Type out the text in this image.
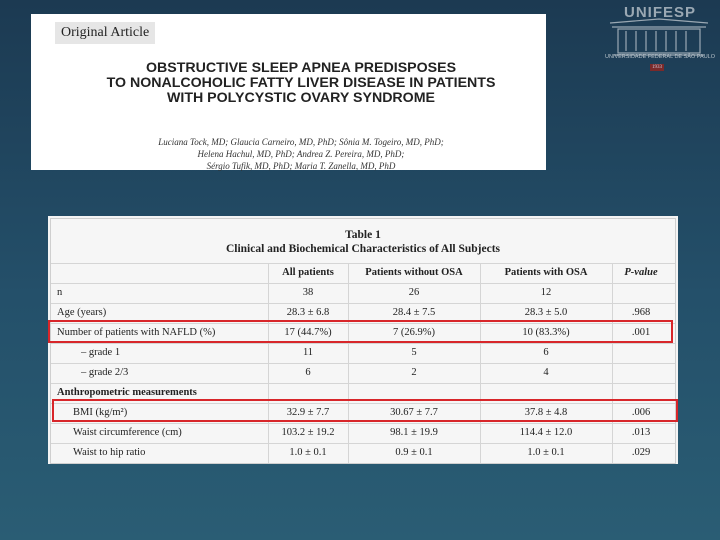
Original Article
OBSTRUCTIVE SLEEP APNEA PREDISPOSES
TO NONALCOHOLIC FATTY LIVER DISEASE IN PATIENTS
WITH POLYCYSTIC OVARY SYNDROME
Luciana Tock, MD; Glaucia Carneiro, MD, PhD; Sônia M. Togeiro, MD, PhD;
Helena Hachul, MD, PhD; Andrea Z. Pereira, MD, PhD;
Sérgio Tufik, MD, PhD; Maria T. Zanella, MD, PhD
UNIFESP
UNIVERSIDADE FEDERAL DE SÃO PAULO
1933
Table 1
Clinical and Biochemical Characteristics of All Subjects
All patients	Patients without OSA	Patients with OSA	P-value
n	38	26	12
Age (years)	28.3 ± 6.8	28.4 ± 7.5	28.3 ± 5.0	.968
Number of patients with NAFLD (%)	17 (44.7%)	7 (26.9%)	10 (83.3%)	.001
– grade 1	11	5	6
– grade 2/3	6	2	4
Anthropometric measurements
BMI (kg/m²)	32.9 ± 7.7	30.67 ± 7.7	37.8 ± 4.8	.006
Waist circumference (cm)	103.2 ± 19.2	98.1 ± 19.9	114.4 ± 12.0	.013
Waist to hip ratio	1.0 ± 0.1	0.9 ± 0.1	1.0 ± 0.1	.029
